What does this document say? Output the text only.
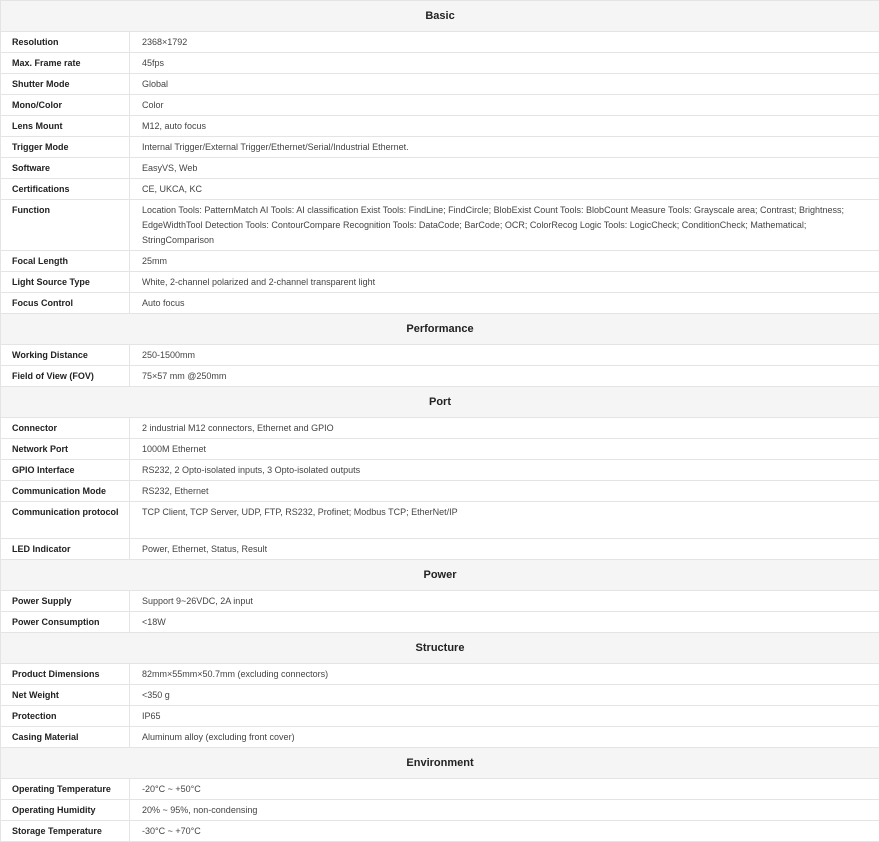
Basic	
Resolution	2368×1792
Max. Frame rate	45fps
Shutter Mode	Global
Mono/Color	Color
Lens Mount	M12, auto focus
Trigger Mode	Internal Trigger/External Trigger/Ethernet/Serial/Industrial Ethernet.
Software	EasyVS, Web
Certifications	CE, UKCA, KC
Function	Location Tools: PatternMatch AI Tools: AI classification Exist Tools: FindLine; FindCircle; BlobExist Count Tools: BlobCount Measure Tools: Grayscale area; Contrast; Brightness; EdgeWidthTool Detection Tools: ContourCompare Recognition Tools: DataCode; BarCode; OCR; ColorRecog Logic Tools: LogicCheck; ConditionCheck; Mathematical; StringComparison
Focal Length	25mm
Light Source Type	White, 2-channel polarized and 2-channel transparent light
Focus Control	Auto focus
Performance	
Working Distance	250-1500mm
Field of View (FOV)	75×57 mm @250mm
Port	
Connector	2 industrial M12 connectors, Ethernet and GPIO
Network Port	1000M Ethernet
GPIO Interface	RS232, 2 Opto-isolated inputs, 3 Opto-isolated outputs
Communication Mode	RS232, Ethernet
Communication protocol	TCP Client, TCP Server, UDP, FTP, RS232, Profinet; Modbus TCP; EtherNet/IP
LED Indicator	Power, Ethernet, Status, Result
Power	
Power Supply	Support 9~26VDC, 2A input
Power Consumption	<18W
Structure	
Product Dimensions	82mm×55mm×50.7mm (excluding connectors)
Net Weight	<350 g
Protection	IP65
Casing Material	Aluminum alloy (excluding front cover)
Environment	
Operating Temperature	-20°C ~ +50°C
Operating Humidity	20% ~ 95%, non-condensing
Storage Temperature	-30°C ~ +70°C
